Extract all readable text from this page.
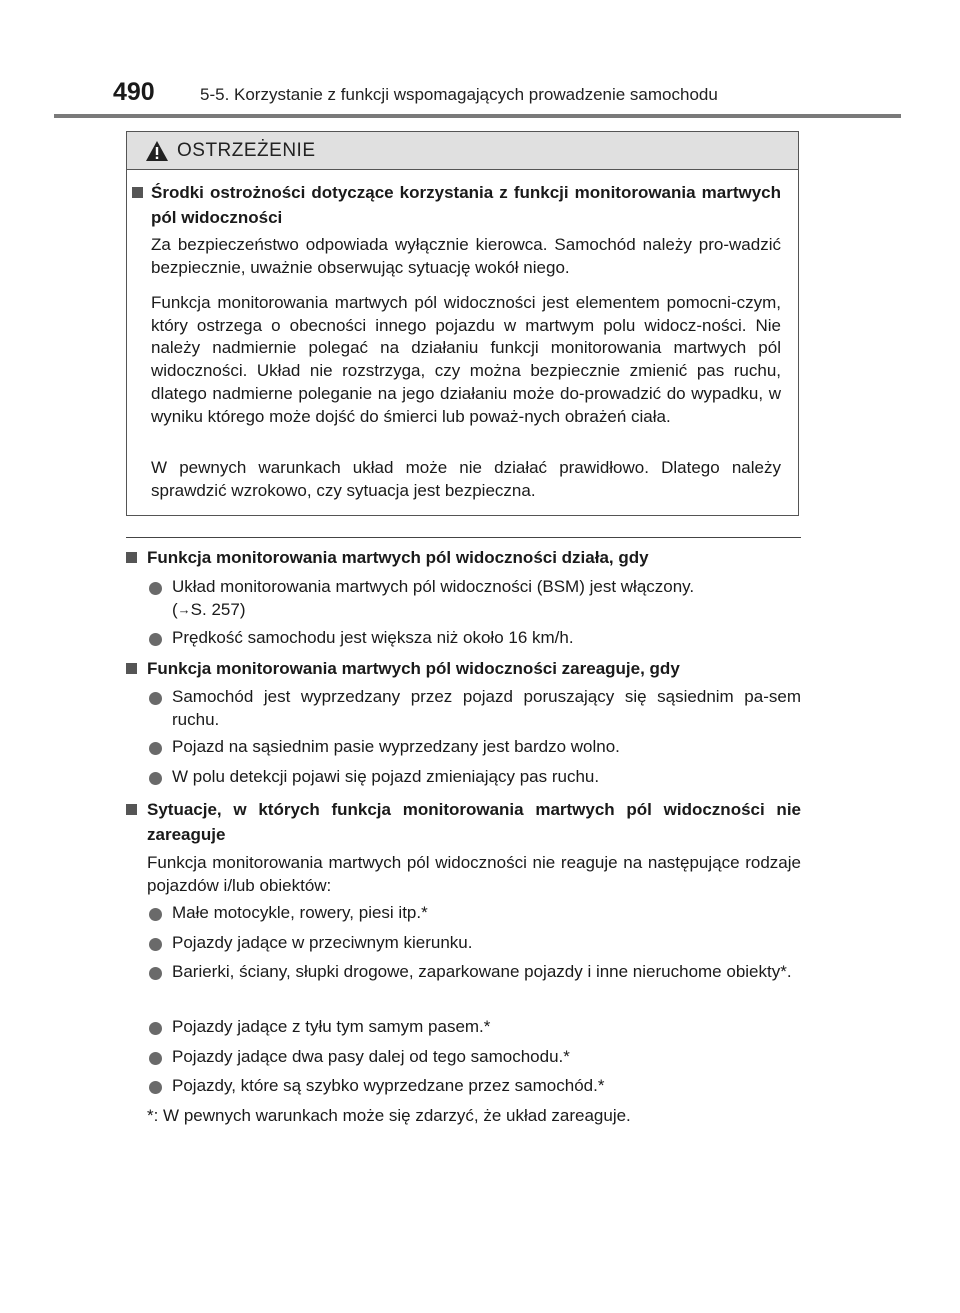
490	5-5. Korzystanie z funkcji wspomagających prowadzenie samochodu
OSTRZEŻENIE
Środki ostrożności dotyczące korzystania z funkcji monitorowania martwych pól widoczności
Za bezpieczeństwo odpowiada wyłącznie kierowca. Samochód należy pro-wadzić bezpiecznie, uważnie obserwując sytuację wokół niego.
Funkcja monitorowania martwych pól widoczności jest elementem pomocni-czym, który ostrzega o obecności innego pojazdu w martwym polu widocz-ności. Nie należy nadmiernie polegać na działaniu funkcji monitorowania martwych pól widoczności. Układ nie rozstrzyga, czy można bezpiecznie zmienić pas ruchu, dlatego nadmierne poleganie na jego działaniu może do-prowadzić do wypadku, w wyniku którego może dojść do śmierci lub poważ-nych obrażeń ciała.
W pewnych warunkach układ może nie działać prawidłowo. Dlatego należy sprawdzić wzrokowo, czy sytuacja jest bezpieczna.
Funkcja monitorowania martwych pól widoczności działa, gdy
Układ monitorowania martwych pól widoczności (BSM) jest włączony.
(→S. 257)
Prędkość samochodu jest większa niż około 16 km/h.
Funkcja monitorowania martwych pól widoczności zareaguje, gdy
Samochód jest wyprzedzany przez pojazd poruszający się sąsiednim pa-sem ruchu.
Pojazd na sąsiednim pasie wyprzedzany jest bardzo wolno.
W polu detekcji pojawi się pojazd zmieniający pas ruchu.
Sytuacje, w których funkcja monitorowania martwych pól widoczności nie zareaguje
Funkcja monitorowania martwych pól widoczności nie reaguje na następujące rodzaje pojazdów i/lub obiektów:
Małe motocykle, rowery, piesi itp.*
Pojazdy jadące w przeciwnym kierunku.
Barierki, ściany, słupki drogowe, zaparkowane pojazdy i inne nieruchome obiekty*.
Pojazdy jadące z tyłu tym samym pasem.*
Pojazdy jadące dwa pasy dalej od tego samochodu.*
Pojazdy, które są szybko wyprzedzane przez samochód.*
*: W pewnych warunkach może się zdarzyć, że układ zareaguje.
